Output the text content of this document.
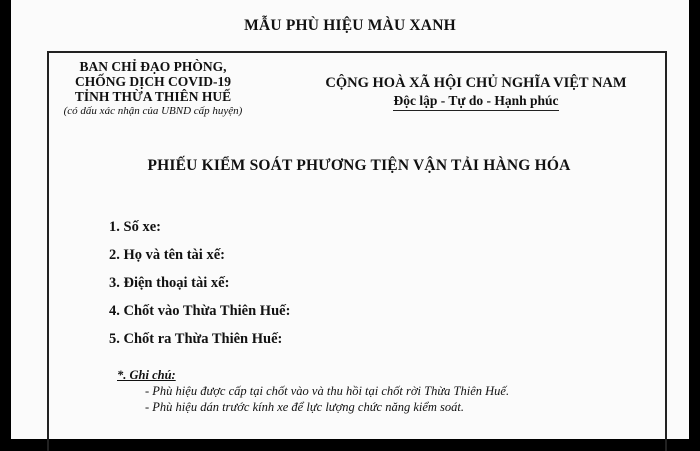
MẪU PHÙ HIỆU MÀU XANH
BAN CHỈ ĐẠO PHÒNG,
CHỐNG DỊCH COVID-19
TỈNH THỪA THIÊN HUẾ
(có dấu xác nhận của UBND cấp huyện)
CỘNG HOÀ XÃ HỘI CHỦ NGHĨA VIỆT NAM
Độc lập - Tự do - Hạnh phúc
PHIẾU KIỂM SOÁT PHƯƠNG TIỆN VẬN TẢI HÀNG HÓA
1. Số xe:
2. Họ và tên tài xế:
3. Điện thoại tài xế:
4. Chốt vào Thừa Thiên Huế:
5. Chốt ra Thừa Thiên Huế:
*. Ghi chú:
- Phù hiệu được cấp tại chốt vào và thu hồi tại chốt rời Thừa Thiên Huế.
- Phù hiệu dán trước kính xe để lực lượng chức năng kiểm soát.
